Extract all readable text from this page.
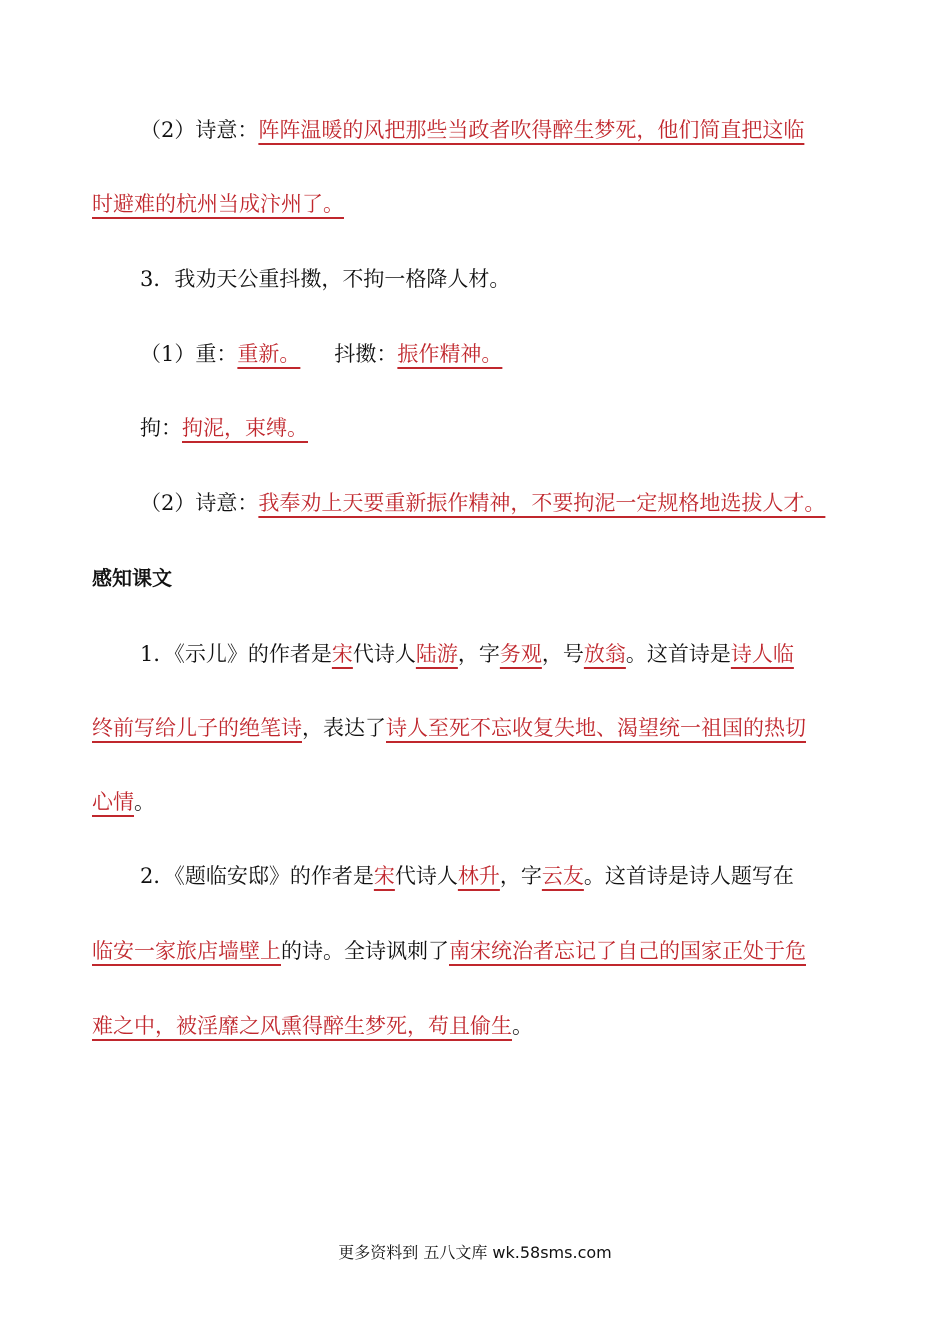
（2）诗意：阵阵温暖的风把那些当政者吹得醉生梦死，他们简直把这临
时避难的杭州当成汴州了。
3．我劝天公重抖擞，不拘一格降人材。
（1）重：重新。 抖擞：振作精神。
拘：拘泥，束缚。
（2）诗意：我奉劝上天要重新振作精神，不要拘泥一定规格地选拔人才。
感知课文
1．《示儿》的作者是宋代诗人陆游，字务观，号放翁。这首诗是诗人临
终前写给儿子的绝笔诗，表达了诗人至死不忘收复失地、渴望统一祖国的热切
心情。
2．《题临安邸》的作者是宋代诗人林升，字云友。这首诗是诗人题写在
临安一家旅店墙壁上的诗。全诗讽刺了南宋统治者忘记了自己的国家正处于危
难之中，被淫靡之风熏得醉生梦死，苟且偷生。
更多资料到 五八文库 wk.58sms.com
